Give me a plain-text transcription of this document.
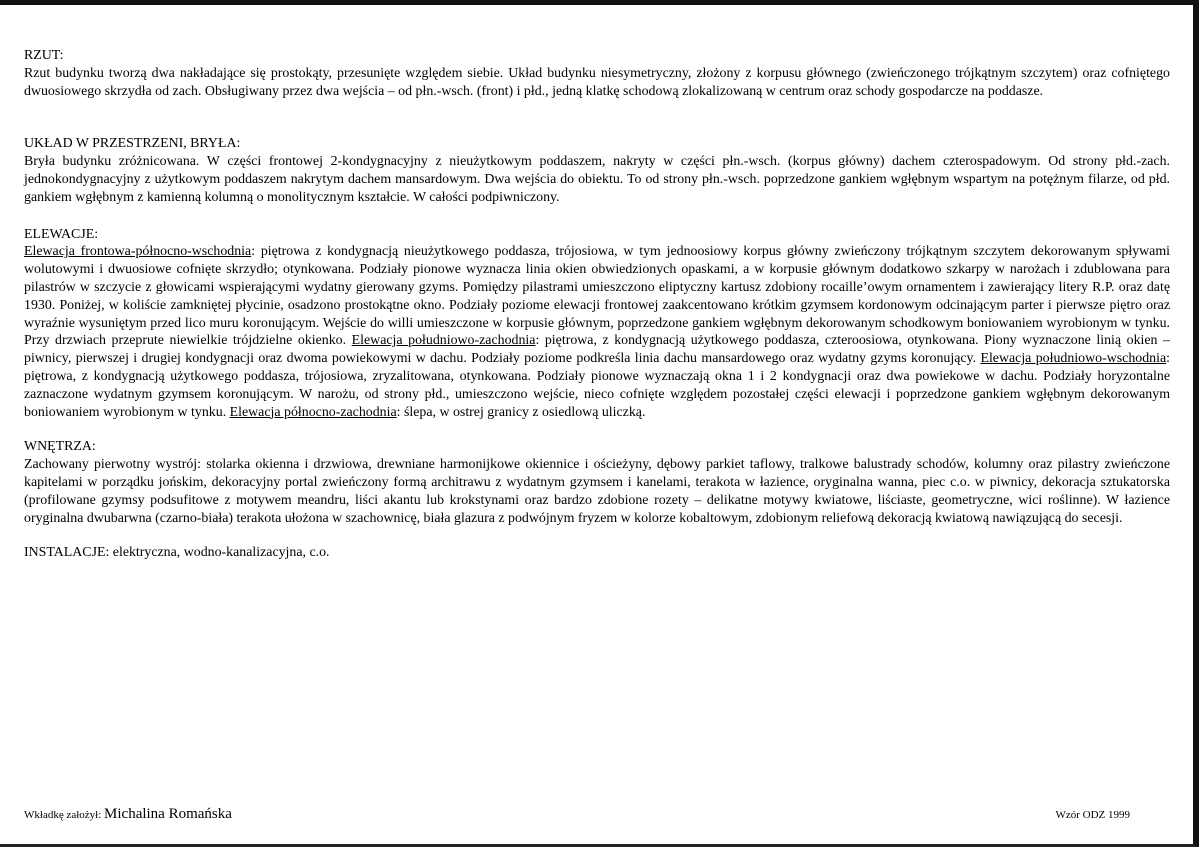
RZUT:

Rzut budynku tworzą dwa nakładające się prostokąty, przesunięte względem siebie. Układ budynku niesymetryczny, złożony z korpusu głównego (zwieńczonego trójkątnym szczytem) oraz cofniętego dwuosiowego skrzydła od zach. Obsługiwany przez dwa wejścia – od płn.-wsch. (front) i płd., jedną klatkę schodową zlokalizowaną w centrum oraz schody gospodarcze na poddasze.

UKŁAD W PRZESTRZENI, BRYŁA:

Bryła budynku zróżnicowana. W części frontowej 2-kondygnacyjny z nieużytkowym poddaszem, nakryty w części płn.-wsch. (korpus główny) dachem czterospadowym. Od strony płd.-zach. jednokondygnacyjny z użytkowym poddaszem nakrytym dachem mansardowym. Dwa wejścia do obiektu. To od strony płn.-wsch. poprzedzone gankiem wgłębnym wspartym na potężnym filarze, od płd. gankiem wgłębnym z kamienną kolumną o monolitycznym kształcie. W całości podpiwniczony.

ELEWACJE:

Elewacja frontowa-północno-wschodnia: piętrowa z kondygnacją nieużytkowego poddasza, trójosiowa, w tym jednoosiowy korpus główny zwieńczony trójkątnym szczytem dekorowanym spływami wolutowymi i dwuosiowe cofnięte skrzydło; otynkowana. Podziały pionowe wyznacza linia okien obwiedzionych opaskami, a w korpusie głównym dodatkowo szkarpy w narożach i zdublowana para pilastrów w szczycie z głowicami wspierającymi wydatny gierowany gzyms. Pomiędzy pilastrami umieszczono eliptyczny kartusz zdobiony rocaille’owym ornamentem i zawierający litery R.P. oraz datę 1930. Poniżej, w koliście zamkniętej płycinie, osadzono prostokątne okno. Podziały poziome elewacji frontowej zaakcentowano krótkim gzymsem kordonowym odcinającym parter i pierwsze piętro oraz wyraźnie wysuniętym przed lico muru koronującym. Wejście do willi umieszczone w korpusie głównym, poprzedzone gankiem wgłębnym dekorowanym schodkowym boniowaniem wyrobionym w tynku. Przy drzwiach przeprute niewielkie trójdzielne okienko. Elewacja południowo-zachodnia: piętrowa, z kondygnacją użytkowego poddasza, czteroosiowa, otynkowana. Piony wyznaczone linią okien – piwnicy, pierwszej i drugiej kondygnacji oraz dwoma powiekowymi w dachu. Podziały poziome podkreśla linia dachu mansardowego oraz wydatny gzyms koronujący. Elewacja południowo-wschodnia: piętrowa, z kondygnacją użytkowego poddasza, trójosiowa, zryzalitowana, otynkowana. Podziały pionowe wyznaczają okna 1 i 2 kondygnacji oraz dwa powiekowe w dachu. Podziały horyzontalne zaznaczone wydatnym gzymsem koronującym. W narożu, od strony płd., umieszczono wejście, nieco cofnięte względem pozostałej części elewacji i poprzedzone gankiem wgłębnym dekorowanym boniowaniem wyrobionym w tynku. Elewacja północno-zachodnia: ślepa, w ostrej granicy z osiedlową uliczką.

WNĘTRZA:

Zachowany pierwotny wystrój: stolarka okienna i drzwiowa, drewniane harmonijkowe okiennice i ościeżyny, dębowy parkiet taflowy, tralkowe balustrady schodów, kolumny oraz pilastry zwieńczone kapitelami w porządku jońskim, dekoracyjny portal zwieńczony formą architrawu z wydatnym gzymsem i kanelami, terakota w łazience, oryginalna wanna, piec c.o. w piwnicy, dekoracja sztukatorska (profilowane gzymsy podsufitowe z motywem meandru, liści akantu lub krokstynami oraz bardzo zdobione rozety – delikatne motywy kwiatowe, liściaste, geometryczne, wici roślinne). W łazience oryginalna dwubarwna (czarno-biała) terakota ułożona w szachownicę, biała glazura z podwójnym fryzem w kolorze kobaltowym, zdobionym reliefową dekoracją kwiatową nawiązującą do secesji.

INSTALACJE: elektryczna, wodno-kanalizacyjna, c.o.

Wkładkę założył: Michalina Romańska	Wzór ODZ 1999
